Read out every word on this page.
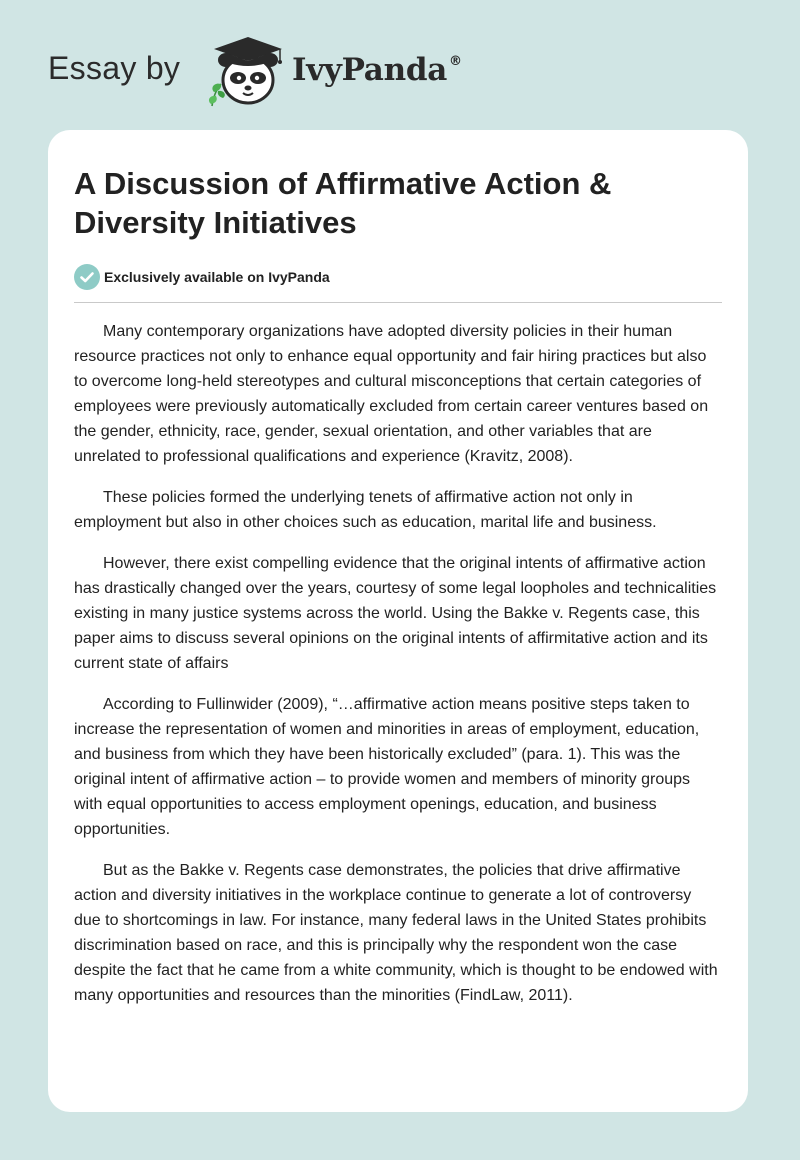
Essay by	IvyPanda ®
A Discussion of Affirmative Action & Diversity Initiatives
Exclusively available on IvyPanda

Many contemporary organizations have adopted diversity policies in their human resource practices not only to enhance equal opportunity and fair hiring practices but also to overcome long-held stereotypes and cultural misconceptions that certain categories of employees were previously automatically excluded from certain career ventures based on the gender, ethnicity, race, gender, sexual orientation, and other variables that are unrelated to professional qualifications and experience (Kravitz, 2008).

These policies formed the underlying tenets of affirmative action not only in employment but also in other choices such as education, marital life and business.

However, there exist compelling evidence that the original intents of affirmative action has drastically changed over the years, courtesy of some legal loopholes and technicalities existing in many justice systems across the world. Using the Bakke v. Regents case, this paper aims to discuss several opinions on the original intents of affirmitative action and its current state of affairs

According to Fullinwider (2009), “…affirmative action means positive steps taken to increase the representation of women and minorities in areas of employment, education, and business from which they have been historically excluded” (para. 1). This was the original intent of affirmative action – to provide women and members of minority groups with equal opportunities to access employment openings, education, and business opportunities.

But as the Bakke v. Regents case demonstrates, the policies that drive affirmative action and diversity initiatives in the workplace continue to generate a lot of controversy due to shortcomings in law. For instance, many federal laws in the United States prohibits discrimination based on race, and this is principally why the respondent won the case despite the fact that he came from a white community, which is thought to be endowed with many opportunities and resources than the minorities (FindLaw, 2011).
